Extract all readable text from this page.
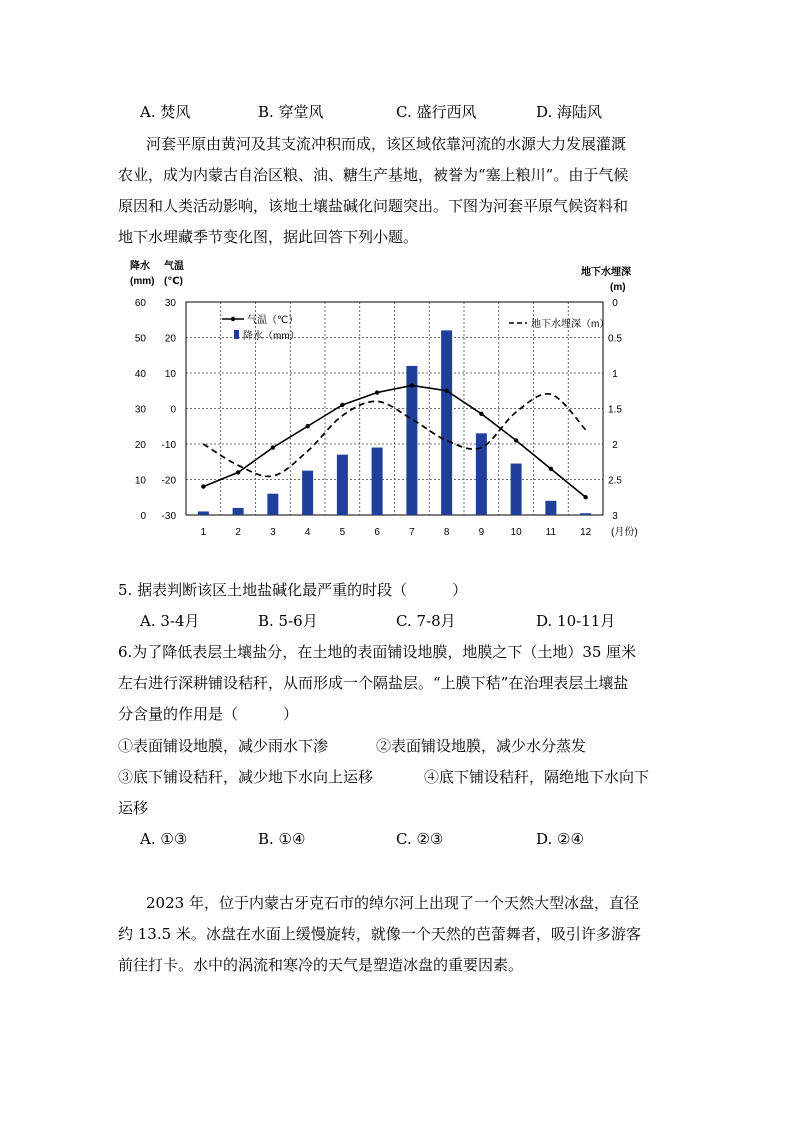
A. 焚风	B. 穿堂风	C. 盛行西风	D. 海陆风
河套平原由黄河及其支流冲积而成，该区域依靠河流的水源大力发展灌溉
农业，成为内蒙古自治区粮、油、糖生产基地，被誉为“塞上粮川”。由于气候
原因和人类活动影响，该地土壤盐碱化问题突出。下图为河套平原气候资料和
地下水埋藏季节变化图，据此回答下列小题。
60
50
40
30
20
10
0
30
20
10
0
-10
-20
-30
0
0.5
1
1.5
2
2.5
3
1	2	3	4	5	6	7	8	9	10 11 12
降水
(mm)
气温
(℃)
地下水埋深
(m)
(月份)
气温（℃）
降水（mm）
地下水埋深（m）
5. 据表判断该区土地盐碱化最严重的时段（　　　）
A. 3-4月	B. 5-6月	C. 7-8月	D. 10-11月
6.为了降低表层土壤盐分，在土地的表面铺设地膜，地膜之下（土地）35 厘米
左右进行深耕铺设秸秆，从而形成一个隔盐层。“上膜下秸”在治理表层土壤盐
分含量的作用是（　　　）
①表面铺设地膜，减少雨水下渗	②表面铺设地膜，减少水分蒸发
③底下铺设秸秆，减少地下水向上运移	④底下铺设秸秆，隔绝地下水向下
运移
A. ①③	B. ①④	C. ②③	D. ②④
2023 年，位于内蒙古牙克石市的绰尔河上出现了一个天然大型冰盘，直径
约 13.5 米。冰盘在水面上缓慢旋转，就像一个天然的芭蕾舞者，吸引许多游客
前往打卡。水中的涡流和寒冷的天气是塑造冰盘的重要因素。
